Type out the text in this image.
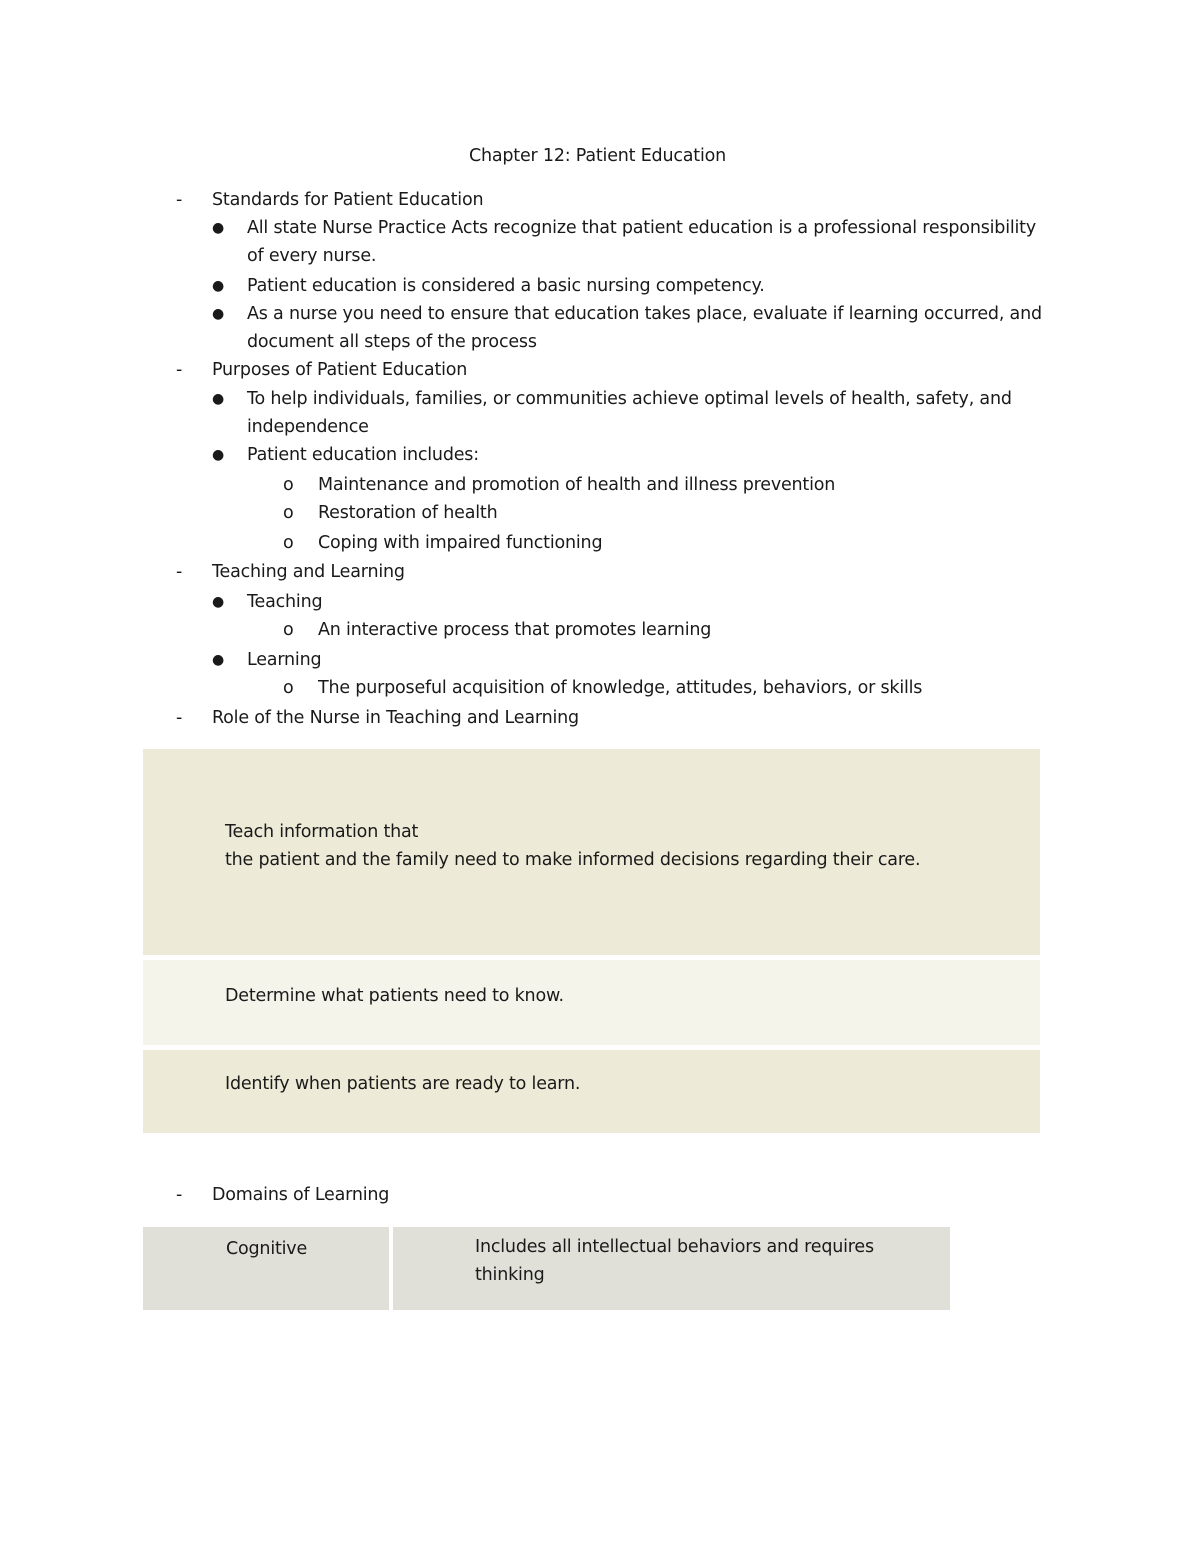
Chapter 12: Patient Education
- Standards for Patient Education
● All state Nurse Practice Acts recognize that patient education is a professional responsibility
of every nurse.
● Patient education is considered a basic nursing competency.
● As a nurse you need to ensure that education takes place, evaluate if learning occurred, and
document all steps of the process
- Purposes of Patient Education
● To help individuals, families, or communities achieve optimal levels of health, safety, and
independence
● Patient education includes:
o Maintenance and promotion of health and illness prevention
o Restoration of health
o Coping with impaired functioning
- Teaching and Learning
● Teaching
o An interactive process that promotes learning
● Learning
o The purposeful acquisition of knowledge, attitudes, behaviors, or skills
- Role of the Nurse in Teaching and Learning
Teach information that
the patient and the family need to make informed decisions regarding their care.
Determine what patients need to know.
Identify when patients are ready to learn.
- Domains of Learning
Cognitive	Includes all intellectual behaviors and requires
thinking
